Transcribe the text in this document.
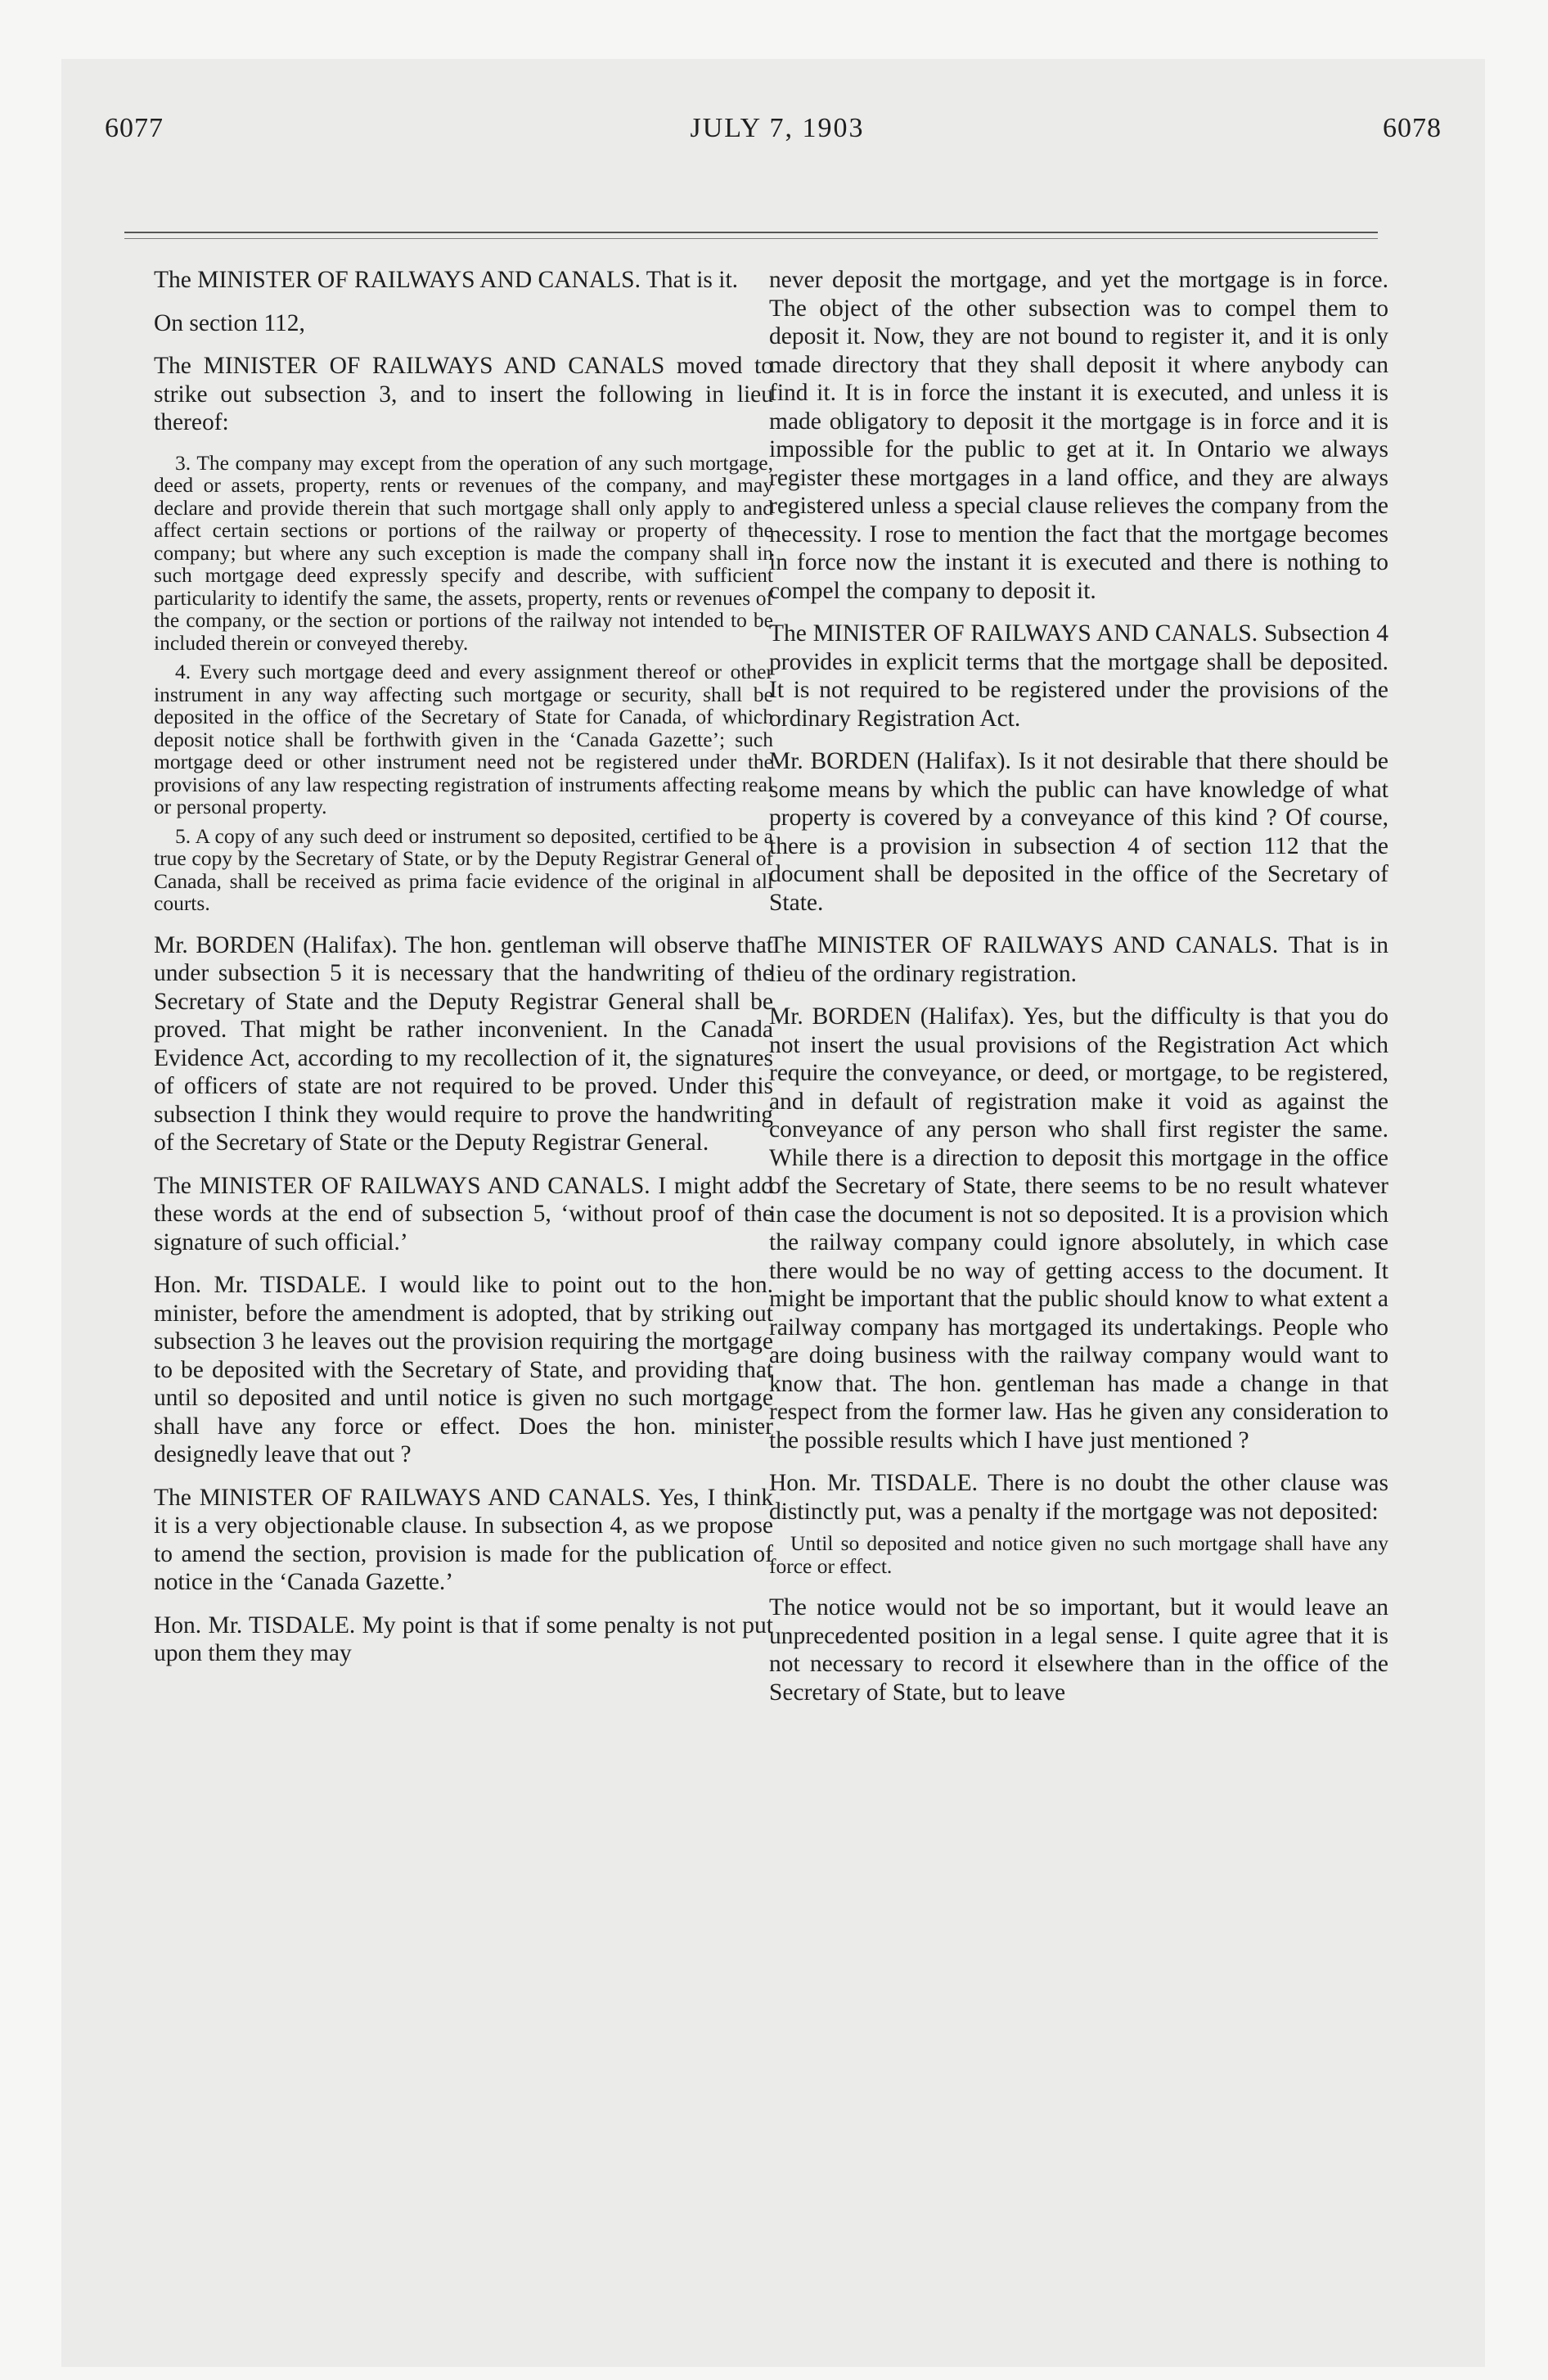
6077	JULY 7, 1903	6078

The MINISTER OF RAILWAYS AND CANALS. That is it.

On section 112,

The MINISTER OF RAILWAYS AND CANALS moved to strike out subsection 3, and to insert the following in lieu thereof:

3. The company may except from the operation of any such mortgage, deed or assets, property, rents or revenues of the company, and may declare and provide therein that such mortgage shall only apply to and affect certain sections or portions of the railway or property of the company; but where any such exception is made the company shall in such mortgage deed expressly specify and describe, with sufficient particularity to identify the same, the assets, property, rents or revenues of the company, or the section or portions of the railway not intended to be included therein or conveyed thereby.

4. Every such mortgage deed and every assignment thereof or other instrument in any way affecting such mortgage or security, shall be deposited in the office of the Secretary of State for Canada, of which deposit notice shall be forthwith given in the ‘Canada Gazette’; such mortgage deed or other instrument need not be registered under the provisions of any law respecting registration of instruments affecting real or personal property.

5. A copy of any such deed or instrument so deposited, certified to be a true copy by the Secretary of State, or by the Deputy Registrar General of Canada, shall be received as prima facie evidence of the original in all courts.

Mr. BORDEN (Halifax). The hon. gentleman will observe that under subsection 5 it is necessary that the handwriting of the Secretary of State and the Deputy Registrar General shall be proved. That might be rather inconvenient. In the Canada Evidence Act, according to my recollection of it, the signatures of officers of state are not required to be proved. Under this subsection I think they would require to prove the handwriting of the Secretary of State or the Deputy Registrar General.

The MINISTER OF RAILWAYS AND CANALS. I might add these words at the end of subsection 5, ‘without proof of the signature of such official.’

Hon. Mr. TISDALE. I would like to point out to the hon. minister, before the amendment is adopted, that by striking out subsection 3 he leaves out the provision requiring the mortgage to be deposited with the Secretary of State, and providing that until so deposited and until notice is given no such mortgage shall have any force or effect. Does the hon. minister designedly leave that out ?

The MINISTER OF RAILWAYS AND CANALS. Yes, I think it is a very objectionable clause. In subsection 4, as we propose to amend the section, provision is made for the publication of notice in the ‘Canada Gazette.’

Hon. Mr. TISDALE. My point is that if some penalty is not put upon them they may

never deposit the mortgage, and yet the mortgage is in force. The object of the other subsection was to compel them to deposit it. Now, they are not bound to register it, and it is only made directory that they shall deposit it where anybody can find it. It is in force the instant it is executed, and unless it is made obligatory to deposit it the mortgage is in force and it is impossible for the public to get at it. In Ontario we always register these mortgages in a land office, and they are always registered unless a special clause relieves the company from the necessity. I rose to mention the fact that the mortgage becomes in force now the instant it is executed and there is nothing to compel the company to deposit it.

The MINISTER OF RAILWAYS AND CANALS. Subsection 4 provides in explicit terms that the mortgage shall be deposited. It is not required to be registered under the provisions of the ordinary Registration Act.

Mr. BORDEN (Halifax). Is it not desirable that there should be some means by which the public can have knowledge of what property is covered by a conveyance of this kind ? Of course, there is a provision in subsection 4 of section 112 that the document shall be deposited in the office of the Secretary of State.

The MINISTER OF RAILWAYS AND CANALS. That is in lieu of the ordinary registration.

Mr. BORDEN (Halifax). Yes, but the difficulty is that you do not insert the usual provisions of the Registration Act which require the conveyance, or deed, or mortgage, to be registered, and in default of registration make it void as against the conveyance of any person who shall first register the same. While there is a direction to deposit this mortgage in the office of the Secretary of State, there seems to be no result whatever in case the document is not so deposited. It is a provision which the railway company could ignore absolutely, in which case there would be no way of getting access to the document. It might be important that the public should know to what extent a railway company has mortgaged its undertakings. People who are doing business with the railway company would want to know that. The hon. gentleman has made a change in that respect from the former law. Has he given any consideration to the possible results which I have just mentioned ?

Hon. Mr. TISDALE. There is no doubt the other clause was distinctly put, was a penalty if the mortgage was not deposited:

Until so deposited and notice given no such mortgage shall have any force or effect.

The notice would not be so important, but it would leave an unprecedented position in a legal sense. I quite agree that it is not necessary to record it elsewhere than in the office of the Secretary of State, but to leave
